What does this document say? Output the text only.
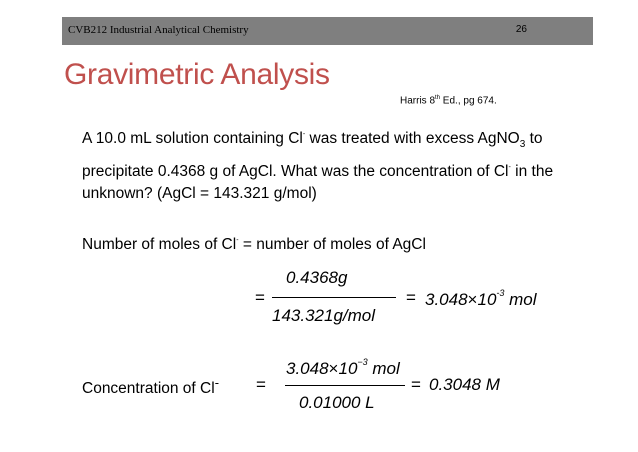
CVB212 Industrial Analytical Chemistry	26
Gravimetric Analysis
Harris 8th Ed., pg 674.
A 10.0 mL solution containing Cl- was treated with excess AgNO$_3$ to precipitate 0.4368 g of AgCl. What was the concentration of Cl- in the unknown? (AgCl = 143.321 g/mol)
Number of moles of Cl- = number of moles of AgCl
=
0.4368g
143.321g/mol
= $3.048\times 10^{-3}$ mol
Concentration of Cl- =
$3.048\times 10^{-3}$ mol
0.01000 L
= 0.3048 M
